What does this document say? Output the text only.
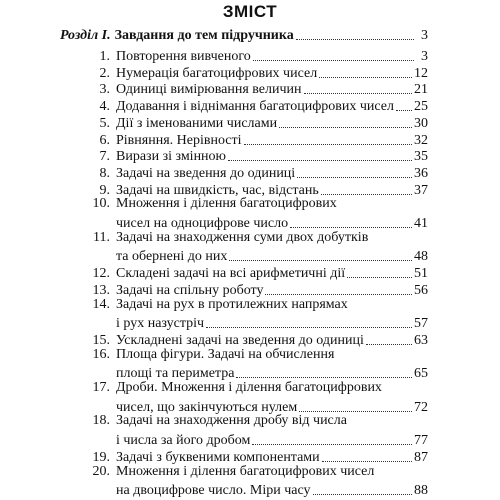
ЗМІСТ
Розділ I. Завдання до тем підручника	3
1. Повторення вивченого	3
2. Нумерація багатоцифрових чисел	12
3. Одиниці вимірювання величин	21
4. Додавання і віднімання багатоцифрових чисел 25
5. Дії з іменованими числами	30
6. Рівняння. Нерівності	32
7. Вирази зі змінною	35
8. Задачі на зведення до одиниці	36
9. Задачі на швидкість, час, відстань	37
10. Множення і ділення багатоцифрових
чисел на одноцифрове число	41
11. Задачі на знаходження суми двох добутків
та обернені до них	48
12. Складені задачі на всі арифметичні дії	51
13. Задачі на спільну роботу	56
14. Задачі на рух в протилежних напрямах
і рух назустріч	57
15. Ускладнені задачі на зведення до одиниці	63
16. Площа фігури. Задачі на обчислення
площі та периметра	65
17. Дроби. Множення і ділення багатоцифрових
чисел, що закінчуються нулем	72
18. Задачі на знаходження дробу від числа
і числа за його дробом	77
19. Задачі з буквеними компонентами	87
20. Множення і ділення багатоцифрових чисел
на двоцифрове число. Міри часу	88
